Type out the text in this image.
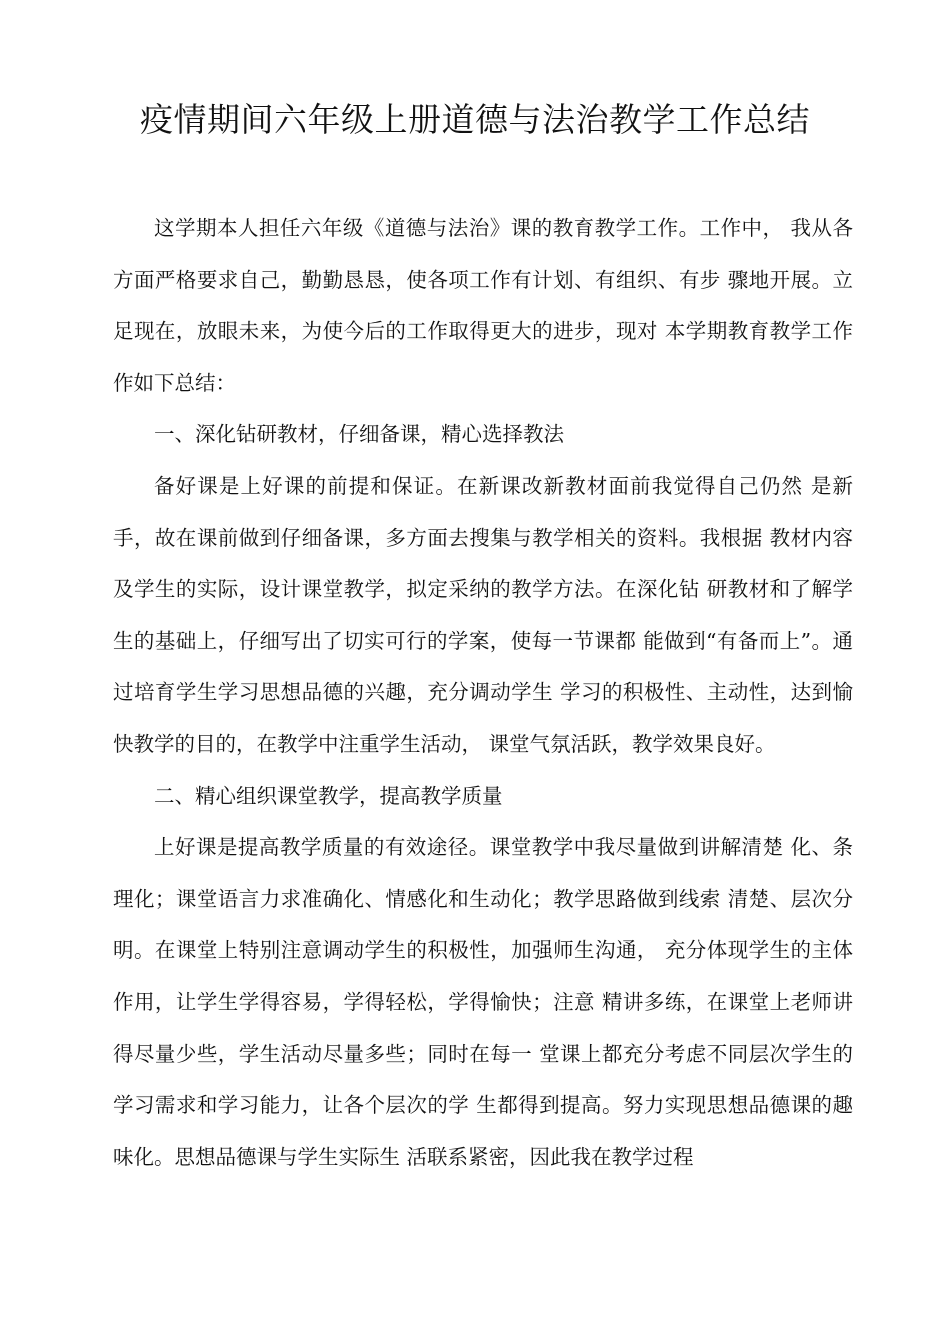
疫情期间六年级上册道德与法治教学工作总结

这学期本人担任六年级《道德与法治》课的教育教学工作。工作中， 我从各方面严格要求自己，勤勤恳恳，使各项工作有计划、有组织、有步 骤地开展。立足现在，放眼未来，为使今后的工作取得更大的进步，现对 本学期教育教学工作作如下总结：

一、深化钻研教材，仔细备课，精心选择教法

备好课是上好课的前提和保证。在新课改新教材面前我觉得自己仍然 是新手，故在课前做到仔细备课，多方面去搜集与教学相关的资料。我根据 教材内容及学生的实际，设计课堂教学，拟定采纳的教学方法。在深化钻 研教材和了解学生的基础上，仔细写出了切实可行的学案，使每一节课都 能做到“有备而上”。通过培育学生学习思想品德的兴趣，充分调动学生 学习的积极性、主动性，达到愉快教学的目的，在教学中注重学生活动， 课堂气氛活跃，教学效果良好。

二、精心组织课堂教学，提高教学质量

上好课是提高教学质量的有效途径。课堂教学中我尽量做到讲解清楚 化、条理化；课堂语言力求准确化、情感化和生动化；教学思路做到线索 清楚、层次分明。在课堂上特别注意调动学生的积极性，加强师生沟通， 充分体现学生的主体作用，让学生学得容易，学得轻松，学得愉快；注意 精讲多练，在课堂上老师讲得尽量少些，学生活动尽量多些；同时在每一 堂课上都充分考虑不同层次学生的学习需求和学习能力，让各个层次的学 生都得到提高。努力实现思想品德课的趣味化。思想品德课与学生实际生 活联系紧密，因此我在教学过程
